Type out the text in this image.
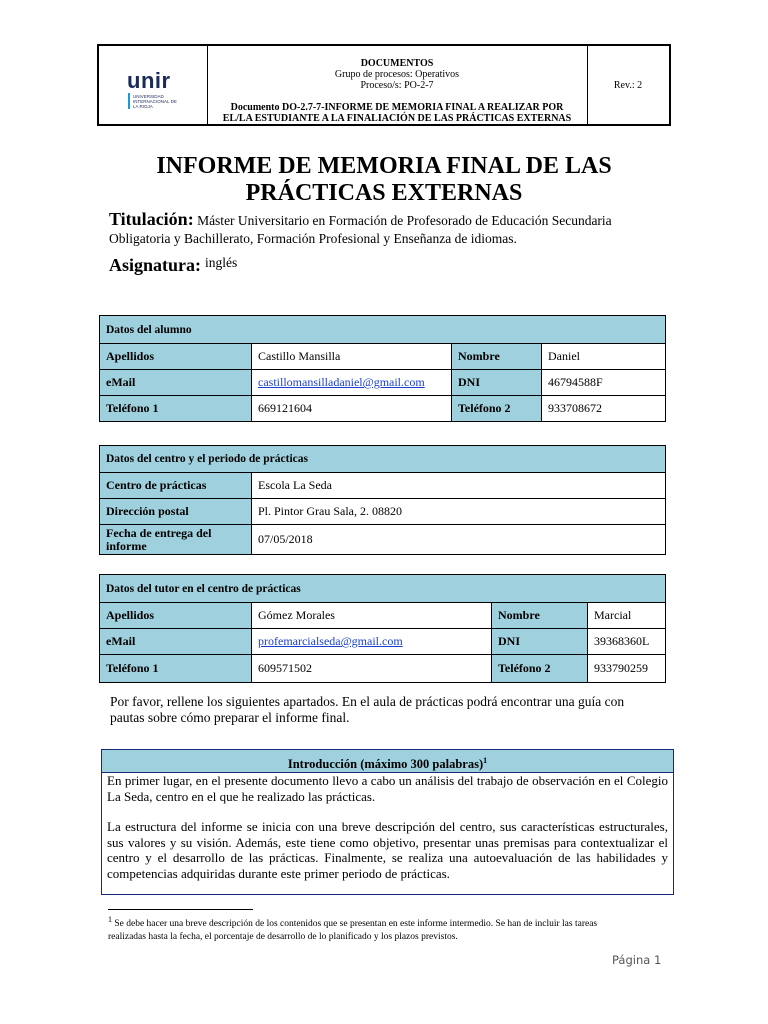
unir
UNIVERSIDAD INTERNACIONAL DE LA RIOJA
DOCUMENTOS
Grupo de procesos: Operativos
Proceso/s: PO-2-7
Documento DO-2.7-7-INFORME DE MEMORIA FINAL A REALIZAR POR
EL/LA ESTUDIANTE A LA FINALIACIÓN DE LAS PRÁCTICAS EXTERNAS
Rev.: 2
INFORME DE MEMORIA FINAL DE LAS
PRÁCTICAS EXTERNAS
Titulación: Máster Universitario en Formación de Profesorado de Educación Secundaria
Obligatoria y Bachillerato, Formación Profesional y Enseñanza de idiomas.
Asignatura: $^{inglés}$
Datos del alumno			
Apellidos	Castillo Mansilla	Nombre	Daniel
eMail	castillomansilladaniel@gmail.com	DNI	46794588F
Teléfono 1	669121604	Teléfono 2	933708672
Datos del centro y el periodo de prácticas	
Centro de prácticas	Escola La Seda
Dirección postal	Pl. Pintor Grau Sala, 2. 08820

Fecha de entrega del
informe	07/05/2018
Datos del tutor en el centro de prácticas			
Apellidos	Gómez Morales	Nombre	Marcial
eMail	profemarcialseda@gmail.com	DNI	39368360L
Teléfono 1	609571502	Teléfono 2	933790259
Por favor, rellene los siguientes apartados. En el aula de prácticas podrá encontrar una guía con
pautas sobre cómo preparar el informe final.
Introducción (máximo 300 palabras)$^1$

En primer lugar, en el presente documento llevo a cabo un análisis del trabajo de observación en el Colegio La Seda, centro en el que he realizado las prácticas.

La estructura del informe se inicia con una breve descripción del centro, sus características estructurales, sus valores y su visión. Además, este tiene como objetivo, presentar unas premisas para contextualizar el centro y el desarrollo de las prácticas. Finalmente, se realiza una autoevaluación de las habilidades y competencias adquiridas durante este primer periodo de prácticas.

$^1$ Se debe hacer una breve descripción de los contenidos que se presentan en este informe intermedio. Se han de incluir las tareas
realizadas hasta la fecha, el porcentaje de desarrollo de lo planificado y los plazos previstos.
Página 1
